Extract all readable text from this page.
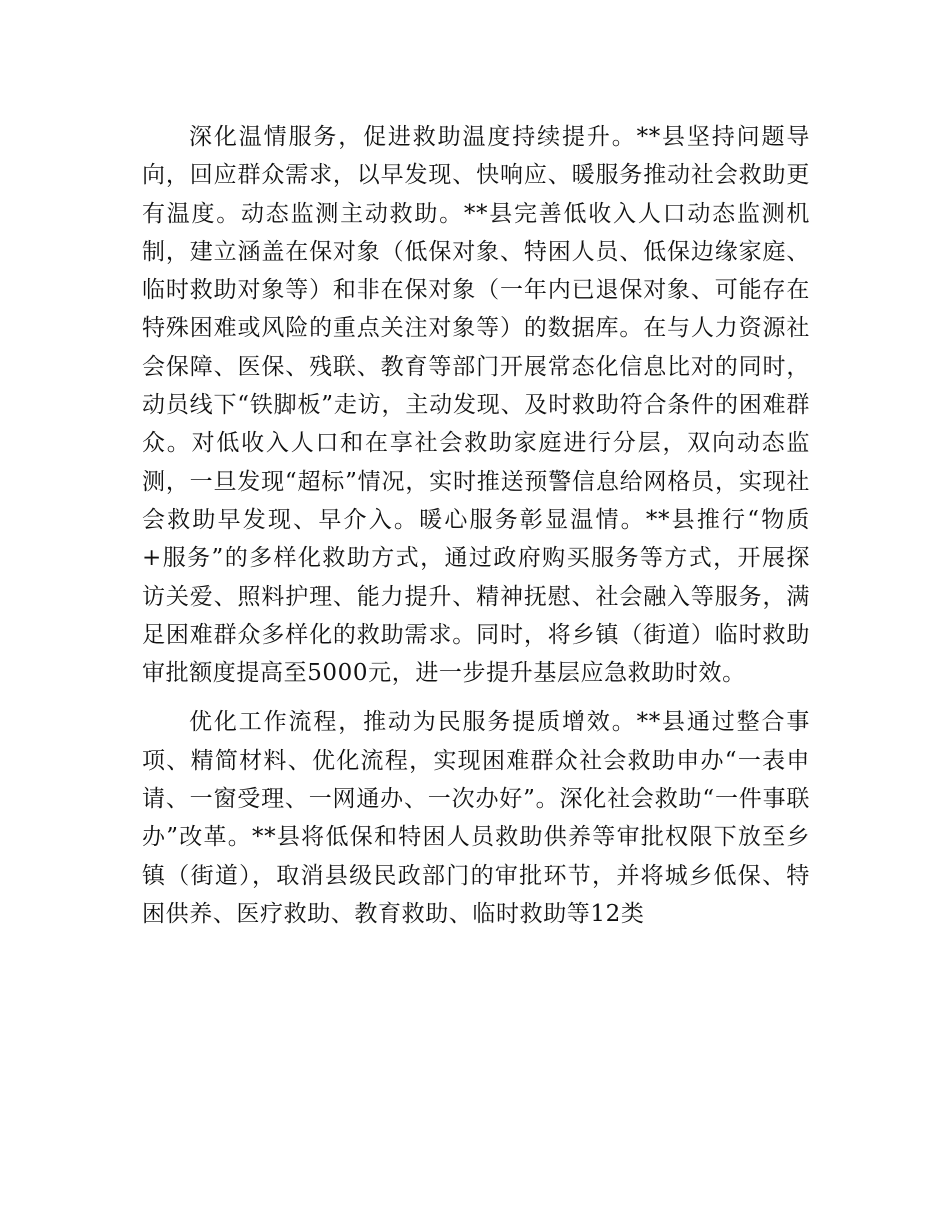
深化温情服务，促进救助温度持续提升。**县坚持问题导向，回应群众需求，以早发现、快响应、暖服务推动社会救助更有温度。动态监测主动救助。**县完善低收入人口动态监测机制，建立涵盖在保对象（低保对象、特困人员、低保边缘家庭、临时救助对象等）和非在保对象（一年内已退保对象、可能存在特殊困难或风险的重点关注对象等）的数据库。在与人力资源社会保障、医保、残联、教育等部门开展常态化信息比对的同时，动员线下“铁脚板”走访，主动发现、及时救助符合条件的困难群众。对低收入人口和在享社会救助家庭进行分层，双向动态监测，一旦发现“超标”情况，实时推送预警信息给网格员，实现社会救助早发现、早介入。暖心服务彰显温情。**县推行“物质+服务”的多样化救助方式，通过政府购买服务等方式，开展探访关爱、照料护理、能力提升、精神抚慰、社会融入等服务，满足困难群众多样化的救助需求。同时，将乡镇（街道）临时救助审批额度提高至5000元，进一步提升基层应急救助时效。

优化工作流程，推动为民服务提质增效。**县通过整合事项、精简材料、优化流程，实现困难群众社会救助申办“一表申请、一窗受理、一网通办、一次办好”。深化社会救助“一件事联办”改革。**县将低保和特困人员救助供养等审批权限下放至乡镇（街道），取消县级民政部门的审批环节，并将城乡低保、特困供养、医疗救助、教育救助、临时救助等12类
